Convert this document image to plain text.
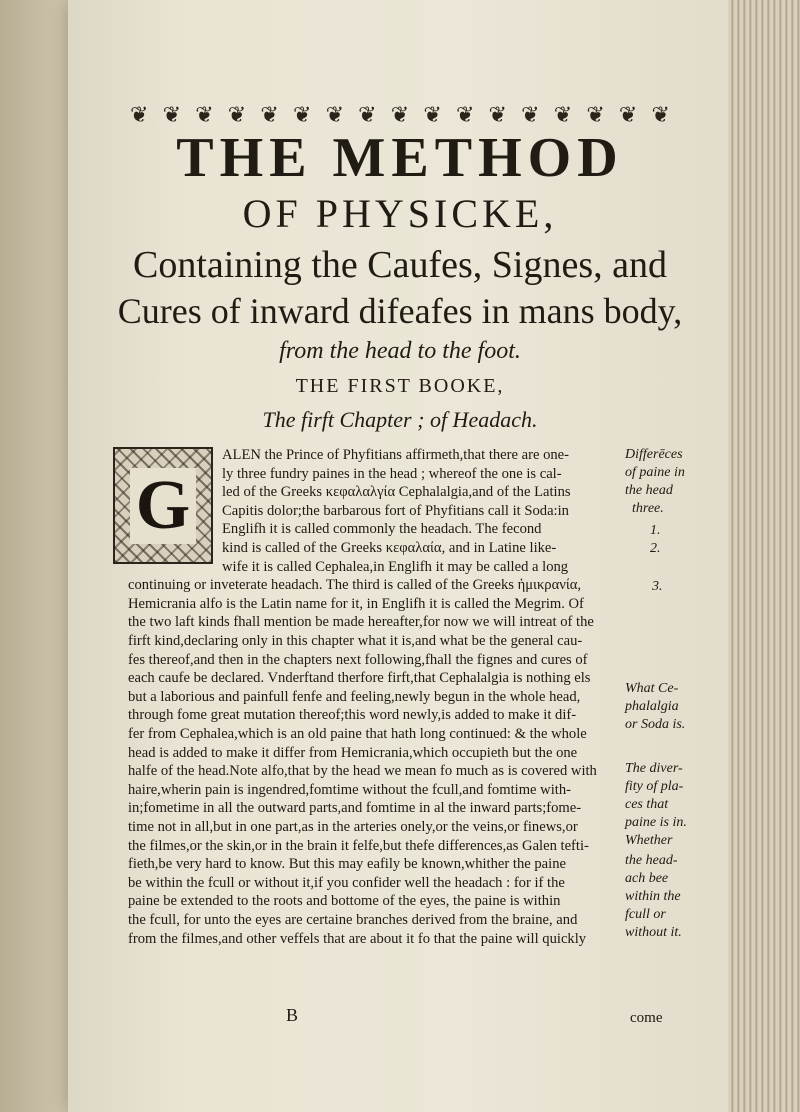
❦ ❦ ❦ ❦ ❦ ❦ ❦ ❦ ❦ ❦ ❦ ❦ ❦ ❦ ❦ ❦ ❦
THE METHOD
OF PHYSICKE,
Containing the Caufes, Signes, and
Cures of inward difeafes in mans body,
from the head to the foot.
THE FIRST BOOKE,
The firft Chapter ; of Headach.
G
ALEN the Prince of Phyfitians affirmeth,that there are one-
ly three fundry paines in the head ; whereof the one is cal-
led of the Greeks κεφαλαλγία Cephalalgia,and of the Latins
Capitis dolor;the barbarous fort of Phyfitians call it Soda:in
Englifh it is called commonly the headach. The fecond
kind is called of the Greeks κεφαλαία, and in Latine like-
wife it is called Cephalea,in Englifh it may be called a long
continuing or inveterate headach. The third is called of the Greeks ἡμικρανία,
Hemicrania alfo is the Latin name for it, in Englifh it is called the Megrim. Of
the two laft kinds fhall mention be made hereafter,for now we will intreat of the
firft kind,declaring only in this chapter what it is,and what be the general cau-
fes thereof,and then in the chapters next following,fhall the fignes and cures of
each caufe be declared. Vnderftand therfore firft,that Cephalalgia is nothing els
but a laborious and painfull fenfe and feeling,newly begun in the whole head,
through fome great mutation thereof;this word newly,is added to make it dif-
fer from Cephalea,which is an old paine that hath long continued: & the whole
head is added to make it differ from Hemicrania,which occupieth but the one
halfe of the head.Note alfo,that by the head we mean fo much as is covered with
haire,wherin pain is ingendred,fomtime without the fcull,and fomtime with-
in;fometime in all the outward parts,and fomtime in al the inward parts;fome-
time not in all,but in one part,as in the arteries onely,or the veins,or finews,or
the filmes,or the skin,or in the brain it felfe,but thefe differences,as Galen tefti-
fieth,be very hard to know. But this may eafily be known,whither the paine
be within the fcull or without it,if you confider well the headach : for if the
paine be extended to the roots and bottome of the eyes, the paine is within
the fcull, for unto the eyes are certaine branches derived from the braine, and
from the filmes,and other veffels that are about it fo that the paine will quickly
Differēces
of paine in
the head
three.
1.
2.
3.
What Ce-
phalalgia
or Soda is.
The diver-
fity of pla-
ces that
paine is in.
Whether
the head-
ach bee
within the
fcull or
without it.
B	come
